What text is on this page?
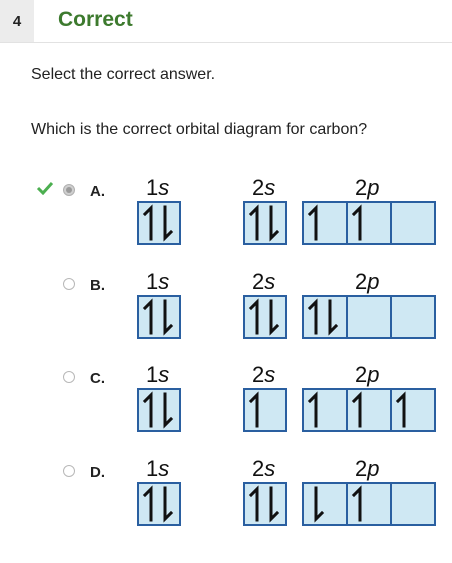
4	Correct
Select the correct answer.
Which is the correct orbital diagram for carbon?
A. 1s	2s	2p
B. 1s	2s	2p
C. 1s	2s	2p
D. 1s	2s	2p
